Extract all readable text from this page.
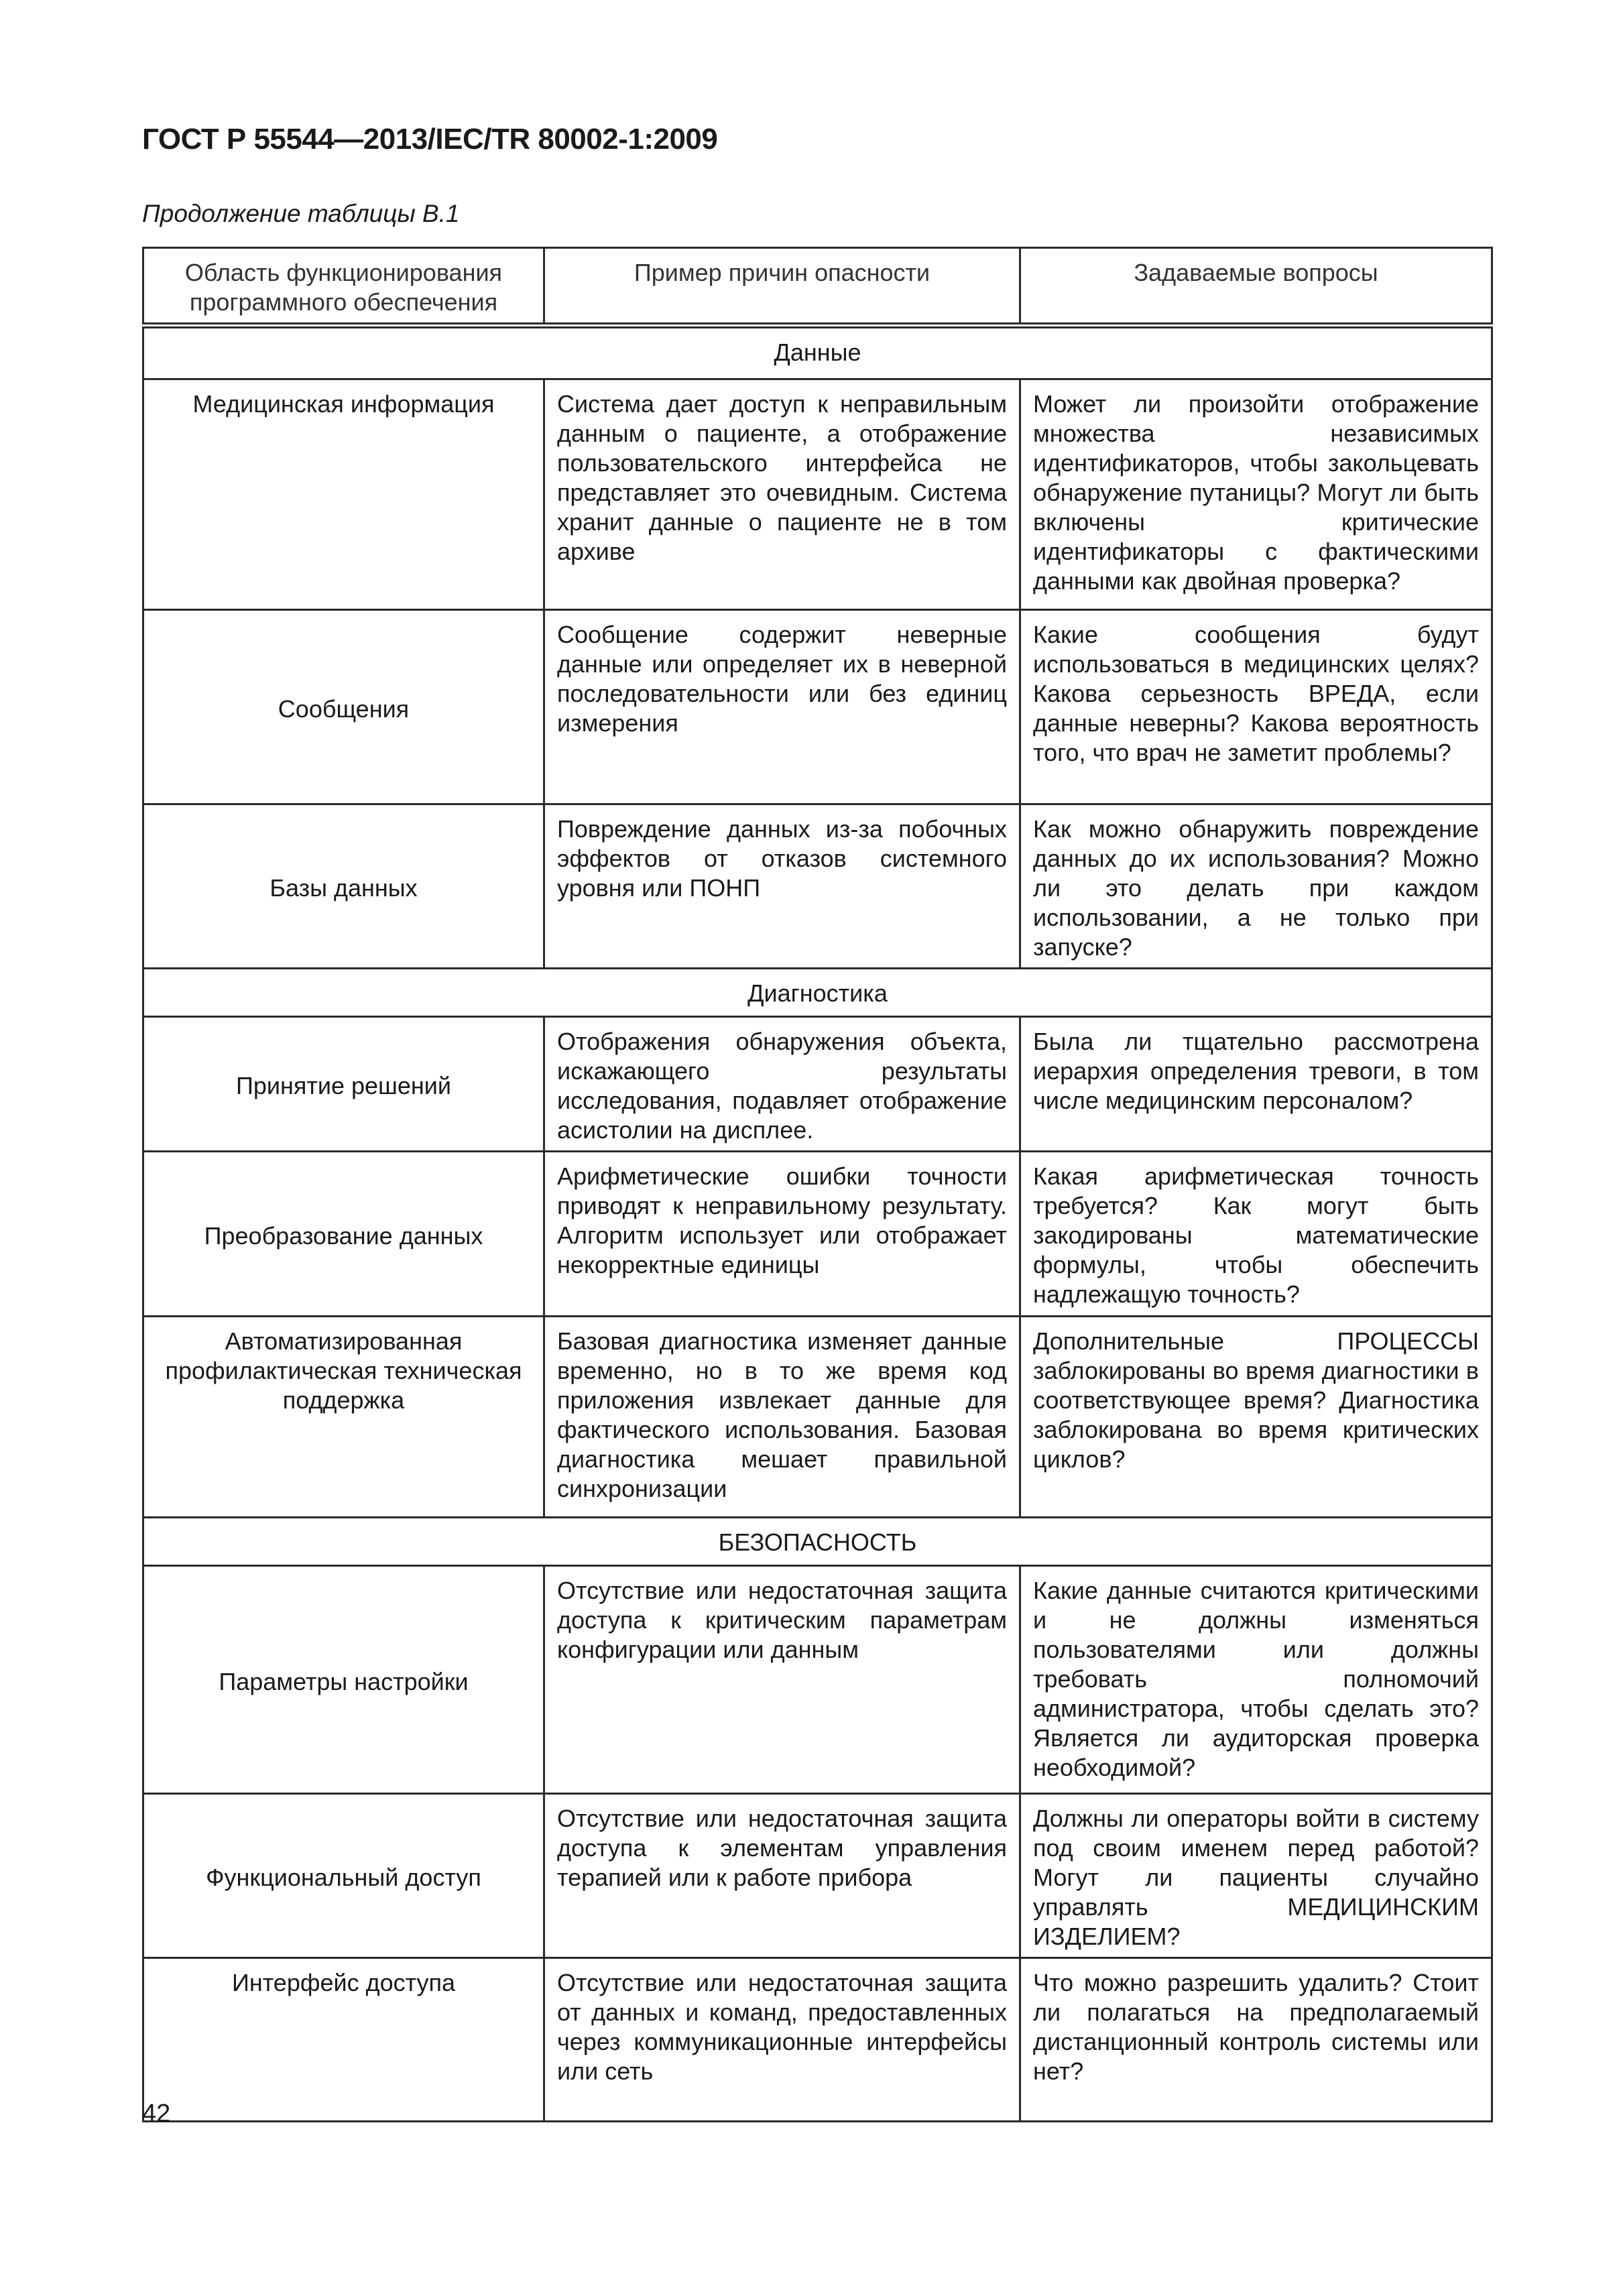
ГОСТ Р 55544—2013/IEC/TR 80002-1:2009
Продолжение таблицы В.1
Область функционирования программного обеспечения	Пример причин опасности	Задаваемые вопросы
Данные		
Медицинская информация	Система дает доступ к неправильным данным о пациенте, а отображение пользовательского интерфейса не представляет это очевидным. Система хранит данные о пациенте не в том архиве	Может ли произойти отображение множества независимых идентификаторов, чтобы закольцевать обнаружение путаницы? Могут ли быть включены критические идентификаторы с фактическими данными как двойная проверка?
Сообщения	Сообщение содержит неверные данные или определяет их в неверной последовательности или без единиц измерения	Какие сообщения будут использоваться в медицинских целях? Какова серьезность ВРЕДА, если данные неверны? Какова вероятность того, что врач не заметит проблемы?
Базы данных	Повреждение данных из-за побочных эффектов от отказов системного уровня или ПОНП	Как можно обнаружить повреждение данных до их использования? Можно ли это делать при каждом использовании, а не только при запуске?
Диагностика		
Принятие решений	Отображения обнаружения объекта, искажающего результаты исследования, подавляет отображение асистолии на дисплее.	Была ли тщательно рассмотрена иерархия определения тревоги, в том числе медицинским персоналом?
Преобразование данных	Арифметические ошибки точности приводят к неправильному результату. Алгоритм использует или отображает некорректные единицы	Какая арифметическая точность требуется? Как могут быть закодированы математические формулы, чтобы обеспечить надлежащую точность?
Автоматизированная профилактическая техническая поддержка	Базовая диагностика изменяет данные временно, но в то же время код приложения извлекает данные для фактического использования. Базовая диагностика мешает правильной синхронизации	Дополнительные ПРОЦЕССЫ заблокированы во время диагностики в соответствующее время? Диагностика заблокирована во время критических циклов?
БЕЗОПАСНОСТЬ		
Параметры настройки	Отсутствие или недостаточная защита доступа к критическим параметрам конфигурации или данным	Какие данные считаются критическими и не должны изменяться пользователями или должны требовать полномочий администратора, чтобы сделать это? Является ли аудиторская проверка необходимой?
Функциональный доступ	Отсутствие или недостаточная защита доступа к элементам управления терапией или к работе прибора	Должны ли операторы войти в систему под своим именем перед работой? Могут ли пациенты случайно управлять МЕДИЦИНСКИМ ИЗДЕЛИЕМ?
Интерфейс доступа	Отсутствие или недостаточная защита от данных и команд, предоставленных через коммуникационные интерфейсы или сеть	Что можно разрешить удалить? Стоит ли полагаться на предполагаемый дистанционный контроль системы или нет?
42
